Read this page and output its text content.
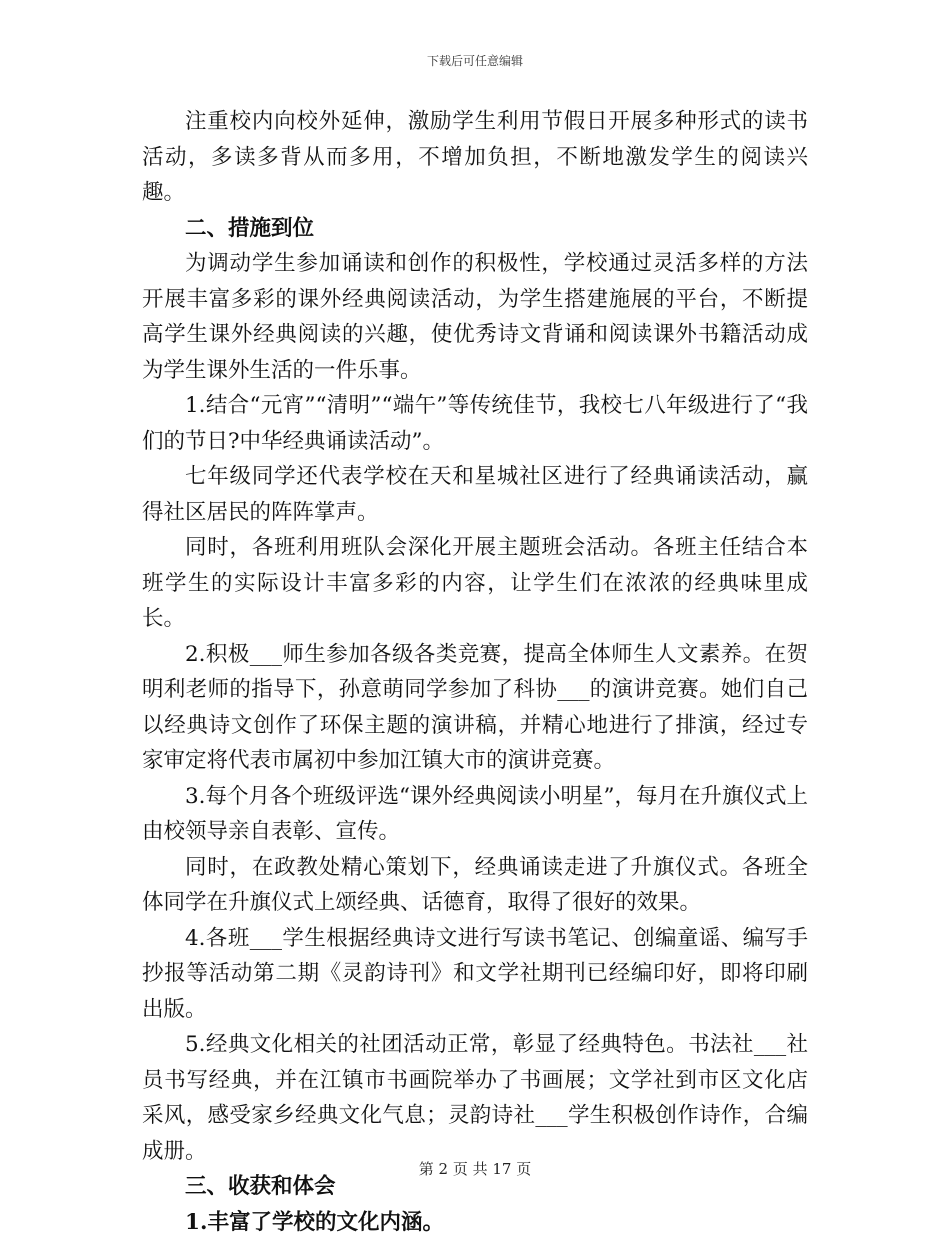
下载后可任意编辑

注重校内向校外延伸，激励学生利用节假日开展多种形式的读书活动，多读多背从而多用，不增加负担，不断地激发学生的阅读兴趣。

二、措施到位

为调动学生参加诵读和创作的积极性，学校通过灵活多样的方法开展丰富多彩的课外经典阅读活动，为学生搭建施展的平台，不断提高学生课外经典阅读的兴趣，使优秀诗文背诵和阅读课外书籍活动成为学生课外生活的一件乐事。

1.结合“元宵”“清明”“端午”等传统佳节，我校七八年级进行了“我们的节日?中华经典诵读活动”。

七年级同学还代表学校在天和星城社区进行了经典诵读活动，赢得社区居民的阵阵掌声。

同时，各班利用班队会深化开展主题班会活动。各班主任结合本班学生的实际设计丰富多彩的内容，让学生们在浓浓的经典味里成长。

2.积极___师生参加各级各类竞赛，提高全体师生人文素养。在贺明利老师的指导下，孙意萌同学参加了科协___的演讲竞赛。她们自己以经典诗文创作了环保主题的演讲稿，并精心地进行了排演，经过专家审定将代表市属初中参加江镇大市的演讲竞赛。

3.每个月各个班级评选“课外经典阅读小明星”，每月在升旗仪式上由校领导亲自表彰、宣传。

同时，在政教处精心策划下，经典诵读走进了升旗仪式。各班全体同学在升旗仪式上颂经典、话德育，取得了很好的效果。

4.各班___学生根据经典诗文进行写读书笔记、创编童谣、编写手抄报等活动第二期《灵韵诗刊》和文学社期刊已经编印好，即将印刷出版。

5.经典文化相关的社团活动正常，彰显了经典特色。书法社___社员书写经典，并在江镇市书画院举办了书画展；文学社到市区文化店采风，感受家乡经典文化气息；灵韵诗社___学生积极创作诗作，合编成册。

三、收获和体会

1.丰富了学校的文化内涵。

第 2 页 共 17 页
